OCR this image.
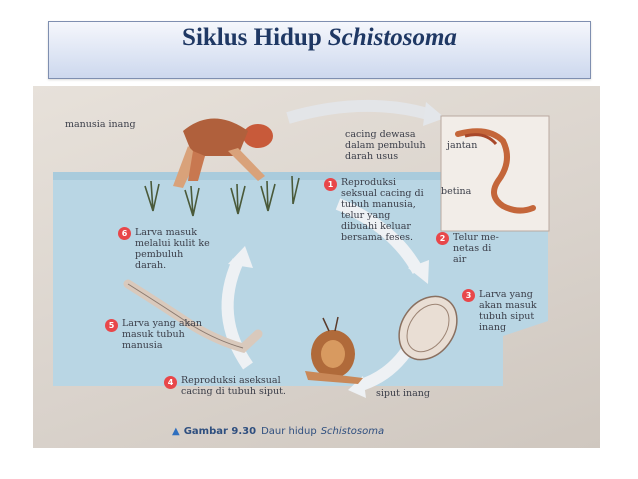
Siklus Hidup Schistosoma
manusia inang
cacing dewasa
dalam pembuluh
darah usus
jantan
betina
1 Reproduksi
seksual cacing di
tubuh manusia,
telur yang
dibuahi keluar
bersama feses.	2 Telur me-
netas di
air
3 Larva yang
akan masuk
tubuh siput
inang
4 Reproduksi aseksual
cacing di tubuh siput.
5 Larva yang akan
masuk tubuh
manusia
6 Larva masuk
melalui kulit ke
pembuluh
darah.
siput inang
▲ Gambar 9.30 Daur hidup Schistosoma
